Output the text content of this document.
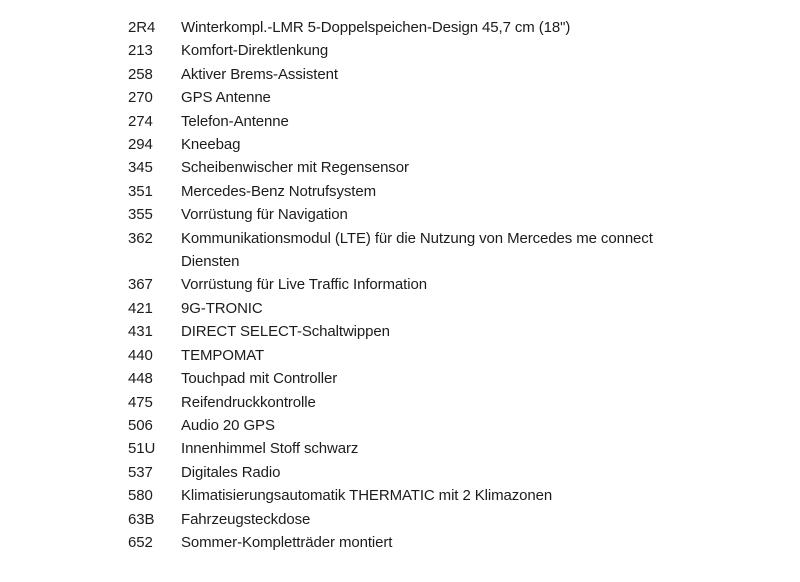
2R4	Winterkompl.-LMR 5-Doppelspeichen-Design 45,7 cm (18")
213	Komfort-Direktlenkung
258	Aktiver Brems-Assistent
270	GPS Antenne
274	Telefon-Antenne
294	Kneebag
345	Scheibenwischer mit Regensensor
351	Mercedes-Benz Notrufsystem
355	Vorrüstung für Navigation
362	Kommunikationsmodul (LTE) für die Nutzung von Mercedes me connect Diensten
367	Vorrüstung für Live Traffic Information
421	9G-TRONIC
431	DIRECT SELECT-Schaltwippen
440	TEMPOMAT
448	Touchpad mit Controller
475	Reifendruckkontrolle
506	Audio 20 GPS
51U	Innenhimmel Stoff schwarz
537	Digitales Radio
580	Klimatisierungsautomatik THERMATIC mit 2 Klimazonen
63B	Fahrzeugsteckdose
652	Sommer-Kompletträder montiert
